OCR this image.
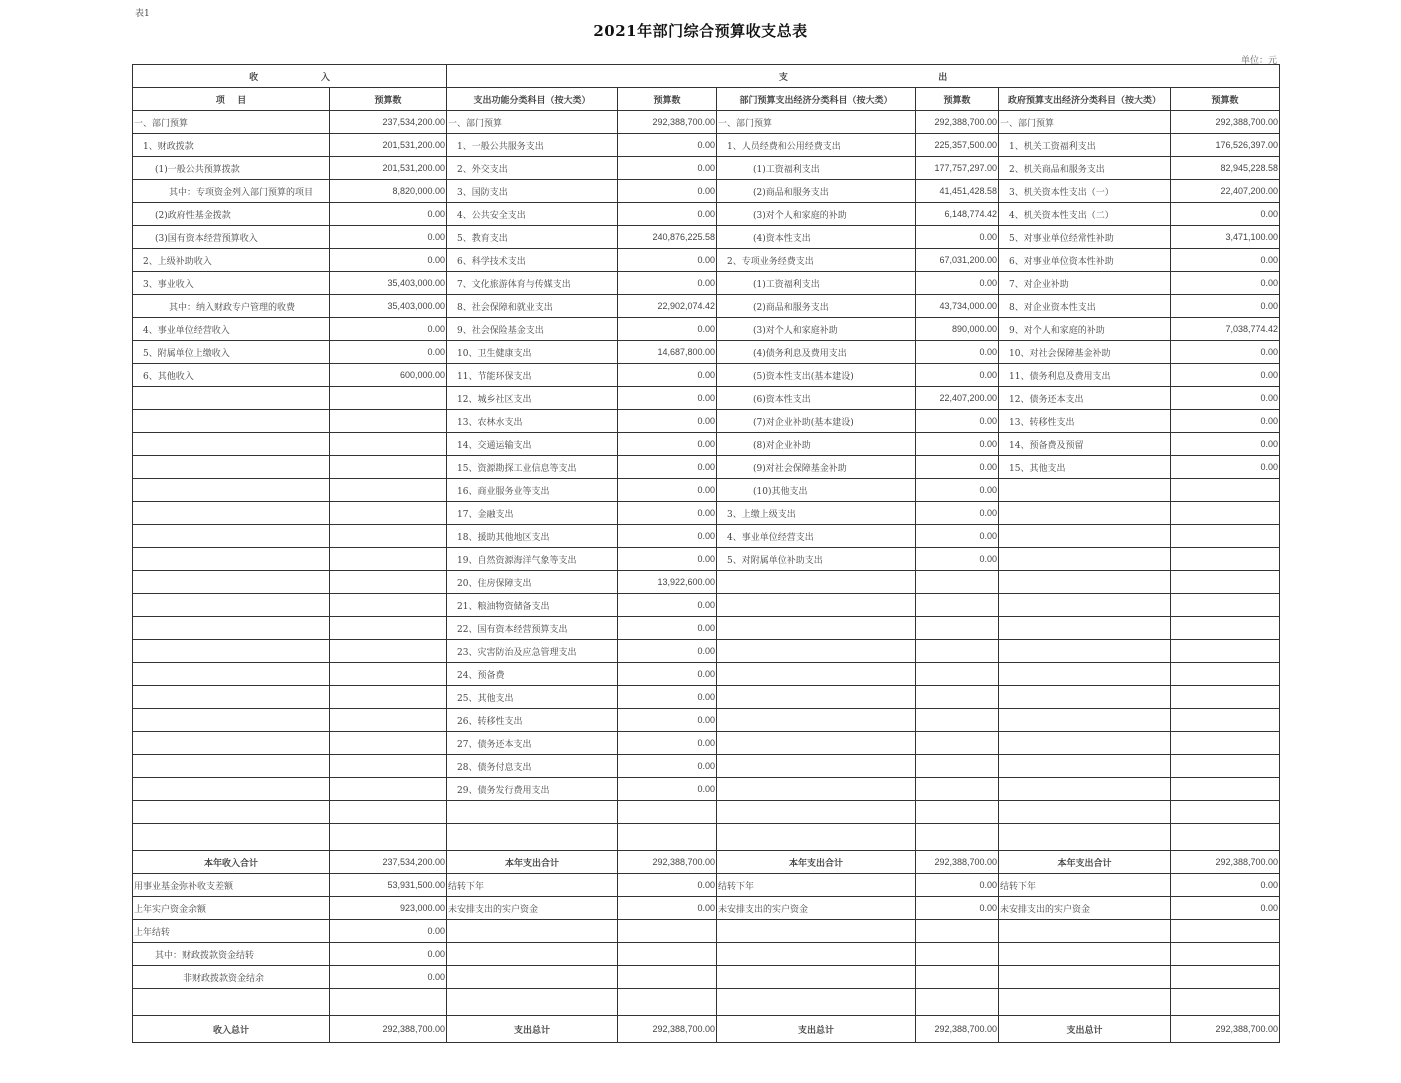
表1
2021年部门综合预算收支总表
单位：元
收                    入		支                                                出					
项    目	预算数	支出功能分类科目（按大类）	预算数	部门预算支出经济分类科目（按大类）	预算数	政府预算支出经济分类科目（按大类）	预算数
一、部门预算	237,534,200.00	一、部门预算	292,388,700.00	一、部门预算	292,388,700.00	一、部门预算	292,388,700.00
1、财政拨款	201,531,200.00	1、一般公共服务支出	0.00	1、人员经费和公用经费支出	225,357,500.00	1、机关工资福利支出	176,526,397.00
(1)一般公共预算拨款	201,531,200.00	2、外交支出	0.00	(1)工资福利支出	177,757,297.00	2、机关商品和服务支出	82,945,228.58
其中：专项资金列入部门预算的项目	8,820,000.00	3、国防支出	0.00	(2)商品和服务支出	41,451,428.58	3、机关资本性支出（一）	22,407,200.00
(2)政府性基金拨款	0.00	4、公共安全支出	0.00	(3)对个人和家庭的补助	6,148,774.42	4、机关资本性支出（二）	0.00
(3)国有资本经营预算收入	0.00	5、教育支出	240,876,225.58	(4)资本性支出	0.00	5、对事业单位经常性补助	3,471,100.00
2、上级补助收入	0.00	6、科学技术支出	0.00	2、专项业务经费支出	67,031,200.00	6、对事业单位资本性补助	0.00
3、事业收入	35,403,000.00	7、文化旅游体育与传媒支出	0.00	(1)工资福利支出	0.00	7、对企业补助	0.00
其中：纳入财政专户管理的收费	35,403,000.00	8、社会保障和就业支出	22,902,074.42	(2)商品和服务支出	43,734,000.00	8、对企业资本性支出	0.00
4、事业单位经营收入	0.00	9、社会保险基金支出	0.00	(3)对个人和家庭补助	890,000.00	9、对个人和家庭的补助	7,038,774.42
5、附属单位上缴收入	0.00	10、卫生健康支出	14,687,800.00	(4)债务利息及费用支出	0.00	10、对社会保障基金补助	0.00
6、其他收入	600,000.00	11、节能环保支出	0.00	(5)资本性支出(基本建设)	0.00	11、债务利息及费用支出	0.00
		12、城乡社区支出	0.00	(6)资本性支出	22,407,200.00	12、债务还本支出	0.00
		13、农林水支出	0.00	(7)对企业补助(基本建设)	0.00	13、转移性支出	0.00
		14、交通运输支出	0.00	(8)对企业补助	0.00	14、预备费及预留	0.00
		15、资源勘探工业信息等支出	0.00	(9)对社会保障基金补助	0.00	15、其他支出	0.00
		16、商业服务业等支出	0.00	(10)其他支出	0.00		
		17、金融支出	0.00	3、上缴上级支出	0.00		
		18、援助其他地区支出	0.00	4、事业单位经营支出	0.00		
		19、自然资源海洋气象等支出	0.00	5、对附属单位补助支出	0.00		
		20、住房保障支出	13,922,600.00				
		21、粮油物资储备支出	0.00				
		22、国有资本经营预算支出	0.00				
		23、灾害防治及应急管理支出	0.00				
		24、预备费	0.00				
		25、其他支出	0.00				
		26、转移性支出	0.00				
		27、债务还本支出	0.00				
		28、债务付息支出	0.00				
		29、债务发行费用支出	0.00				

本年收入合计	237,534,200.00	本年支出合计	292,388,700.00	本年支出合计	292,388,700.00	本年支出合计	292,388,700.00
用事业基金弥补收支差额	53,931,500.00	结转下年	0.00	结转下年	0.00	结转下年	0.00
上年实户资金余额	923,000.00	未安排支出的实户资金	0.00	未安排支出的实户资金	0.00	未安排支出的实户资金	0.00
上年结转	0.00						
其中：财政拨款资金结转	0.00						
非财政拨款资金结余	0.00						

收入总计	292,388,700.00	支出总计	292,388,700.00	支出总计	292,388,700.00	支出总计	292,388,700.00
